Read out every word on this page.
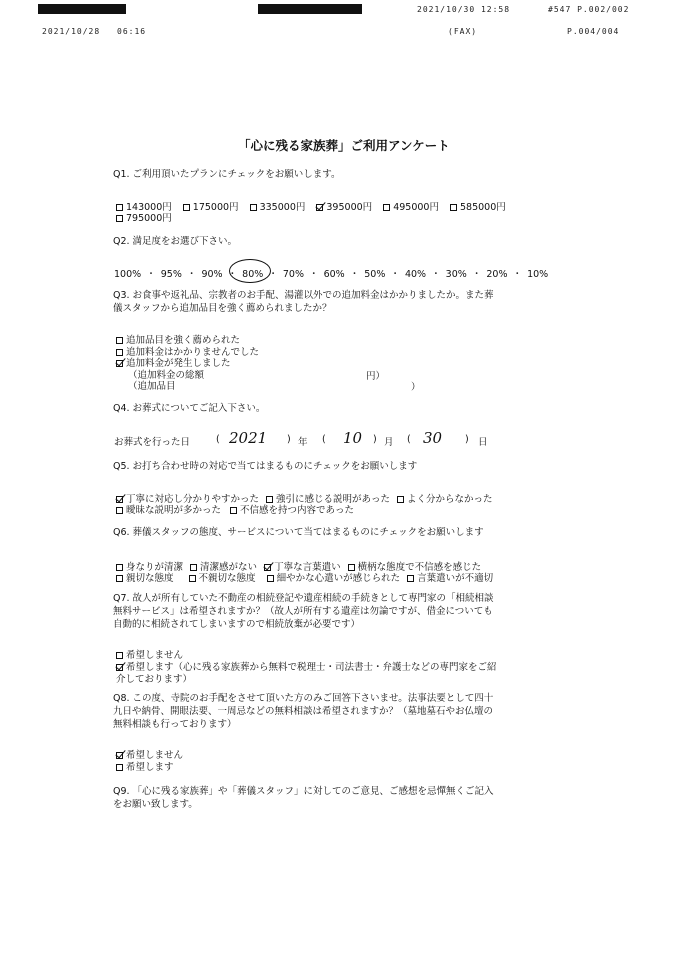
2021/10/30 12:58	#547 P.002/002
2021/10/28 06:16	(FAX)	P.004/004
「心に残る家族葬」ご利用アンケート
Q1. ご利用頂いたプランにチェックをお願いします。
143000円 175000円 335000円 395000円 495000円 585000円
795000円
Q2. 満足度をお選び下さい。
100% ・ 95% ・ 90% ・ 80% ・ 70% ・ 60% ・ 50% ・ 40% ・ 30% ・ 20% ・ 10%
Q3. お食事や返礼品、宗教者のお手配、湯灌以外での追加料金はかかりましたか。また葬
儀スタッフから追加品目を強く薦められましたか？
追加品目を強く薦められた
追加料金はかかりませんでした
追加料金が発生しました
（追加料金の総額
（追加品目
円）
）
Q4. お葬式についてご記入下さい。
お葬式を行った日	( 2021 ) 年 ( 10 ) 月 ( 30 ) 日
Q5. お打ち合わせ時の対応で当てはまるものにチェックをお願いします
丁寧に対応し分かりやすかった 強引に感じる説明があった よく分からなかった
曖昧な説明が多かった 不信感を持つ内容であった
Q6. 葬儀スタッフの態度、サービスについて当てはまるものにチェックをお願いします
身なりが清潔 清潔感がない 丁寧な言葉遣い 横柄な態度で不信感を感じた
親切な態度	不親切な態度 細やかな心遣いが感じられた 言葉遣いが不適切
Q7. 故人が所有していた不動産の相続登記や遺産相続の手続きとして専門家の「相続相談
無料サービス」は希望されますか？（故人が所有する遺産は勿論ですが、借金についても
自動的に相続されてしまいますので相続放棄が必要です）
希望しません
希望します（心に残る家族葬から無料で税理士・司法書士・弁護士などの専門家をご紹
介しております）
Q8. この度、寺院のお手配をさせて頂いた方のみご回答下さいませ。法事法要として四十
九日や納骨、開眼法要、一周忌などの無料相談は希望されますか？（墓地墓石やお仏壇の
無料相談も行っております）
希望しません
希望します
Q9. 「心に残る家族葬」や「葬儀スタッフ」に対してのご意見、ご感想を忌憚無くご記入
をお願い致します。
